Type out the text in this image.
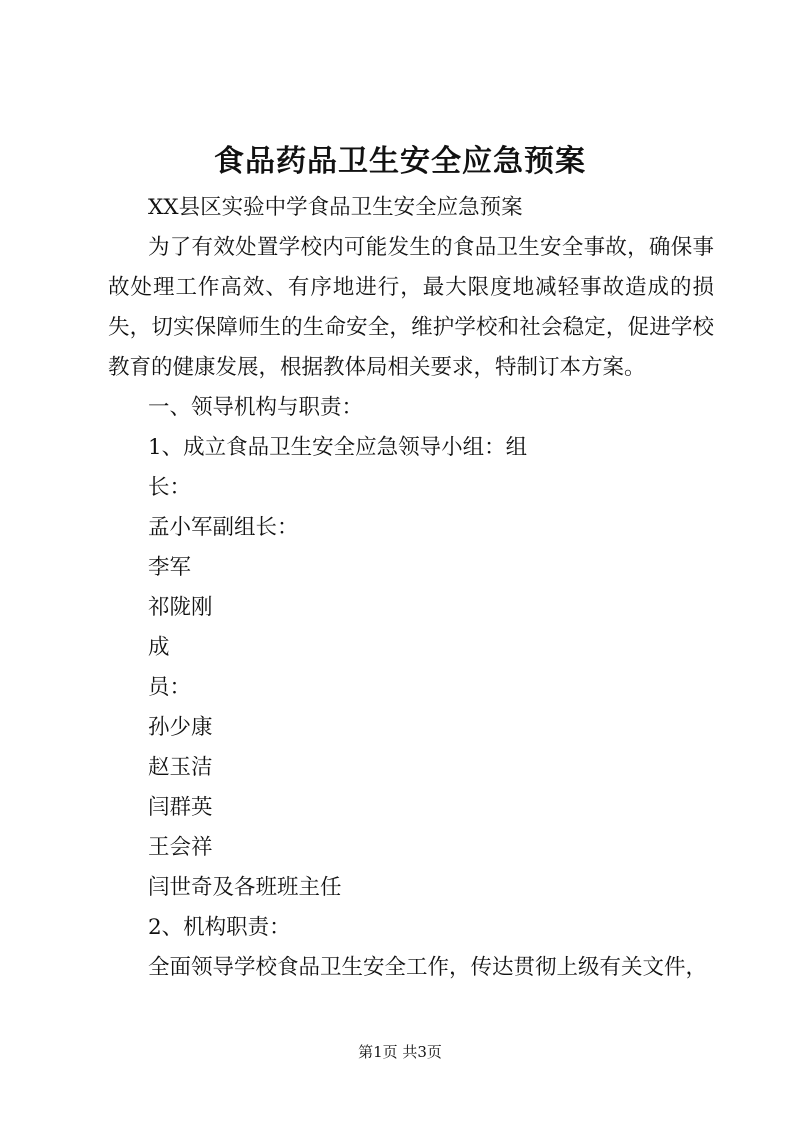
食品药品卫生安全应急预案

XX县区实验中学食品卫生安全应急预案

为了有效处置学校内可能发生的食品卫生安全事故，确保事故处理工作高效、有序地进行，最大限度地减轻事故造成的损失，切实保障师生的生命安全，维护学校和社会稳定，促进学校教育的健康发展，根据教体局相关要求，特制订本方案。

一、领导机构与职责：

1、成立食品卫生安全应急领导小组：组

长：

孟小军副组长：

李军

祁陇刚

成

员：

孙少康

赵玉洁

闫群英

王会祥

闫世奇及各班班主任

2、机构职责：

全面领导学校食品卫生安全工作，传达贯彻上级有关文件，

第1页 共3页
